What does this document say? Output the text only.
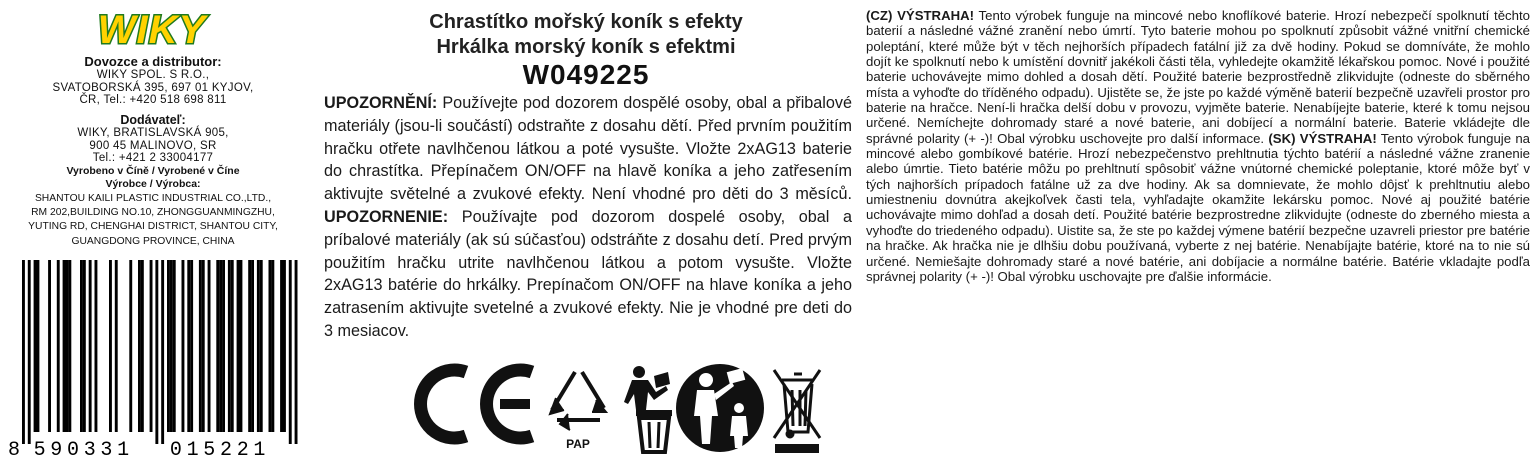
WIKY
Dovozce a distributor:
WIKY SPOL. S R.O.,
SVATOBORSKÁ 395, 697 01 KYJOV,
ČR, Tel.: +420 518 698 811
Dodávateľ:
WIKY, BRATISLAVSKÁ 905,
900 45 MALINOVO, SR
Tel.: +421 2 33004177
Vyrobeno v Číně / Vyrobené v Číne
Výrobce / Výrobca:
SHANTOU KAILI PLASTIC INDUSTRIAL CO.,LTD.,
RM 202,BUILDING NO.10, ZHONGGUANMINGZHU,
YUTING RD, CHENGHAI DISTRICT, SHANTOU CITY,
GUANGDONG PROVINCE, CHINA
8 590331 015221
Chrastítko mořský koník s efekty
Hrkálka morský koník s efektmi
W049225
UPOZORNĚNÍ: Používejte pod dozorem dospělé osoby, obal a přibalové materiály (jsou-li součástí) odstraňte z dosahu dětí. Před prvním použitím hračku otřete navlhčenou látkou a poté vysušte. Vložte 2xAG13 baterie do chrastítka. Přepínačem ON/OFF na hlavě koníka a jeho zatřesením aktivujte světelné a zvukové efekty. Není vhodné pro děti do 3 měsíců. UPOZORNENIE: Používajte pod dozorom dospelé osoby, obal a príbalové materiály (ak sú súčasťou) odstráňte z dosahu detí. Pred prvým použitím hračku utrite navlhčenou látkou a potom vysušte. Vložte 2xAG13 batérie do hrkálky. Prepínačom ON/OFF na hlave koníka a jeho zatrasením aktivujte svetelné a zvukové efekty. Nie je vhodné pre deti do 3 mesiacov.
PAP
(CZ) VÝSTRAHA! Tento výrobek funguje na mincové nebo knoflíkové baterie. Hrozí nebezpečí spolknutí těchto baterií a následné vážné zranění nebo úmrtí. Tyto baterie mohou po spolknutí způsobit vážné vnitřní chemické poleptání, které může být v těch nejhorších případech fatální již za dvě hodiny. Pokud se domníváte, že mohlo dojít ke spolknutí nebo k umístění dovnitř jakékoli části těla, vyhledejte okamžitě lékařskou pomoc. Nové i použité baterie uchovávejte mimo dohled a dosah dětí. Použité baterie bezprostředně zlikvidujte (odneste do sběrného místa a vyhoďte do tříděného odpadu). Ujistěte se, že jste po každé výměně baterií bezpečně uzavřeli prostor pro baterie na hračce. Není-li hračka delší dobu v provozu, vyjměte baterie. Nenabíjejte baterie, které k tomu nejsou určené. Nemíchejte dohromady staré a nové baterie, ani dobíjecí a normální baterie. Baterie vkládejte dle správné polarity (+ -)! Obal výrobku uschovejte pro další informace. (SK) VÝSTRAHA! Tento výrobok funguje na mincové alebo gombíkové batérie. Hrozí nebezpečenstvo prehltnutia týchto batérií a následné vážne zranenie alebo úmrtie. Tieto batérie môžu po prehltnutí spôsobiť vážne vnútorné chemické poleptanie, ktoré môže byť v tých najhorších prípadoch fatálne už za dve hodiny. Ak sa domnievate, že mohlo dôjsť k prehltnutiu alebo umiestneniu dovnútra akejkoľvek časti tela, vyhľadajte okamžite lekársku pomoc. Nové aj použité batérie uchovávajte mimo dohľad a dosah detí. Použité batérie bezprostredne zlikvidujte (odneste do zberného miesta a vyhoďte do triedeného odpadu). Uistite sa, že ste po každej výmene batérií bezpečne uzavreli priestor pre batérie na hračke. Ak hračka nie je dlhšiu dobu používaná, vyberte z nej batérie. Nenabíjajte batérie, ktoré na to nie sú určené. Nemiešajte dohromady staré a nové batérie, ani dobíjacie a normálne batérie. Batérie vkladajte podľa správnej polarity (+ -)! Obal výrobku uschovajte pre ďalšie informácie.
